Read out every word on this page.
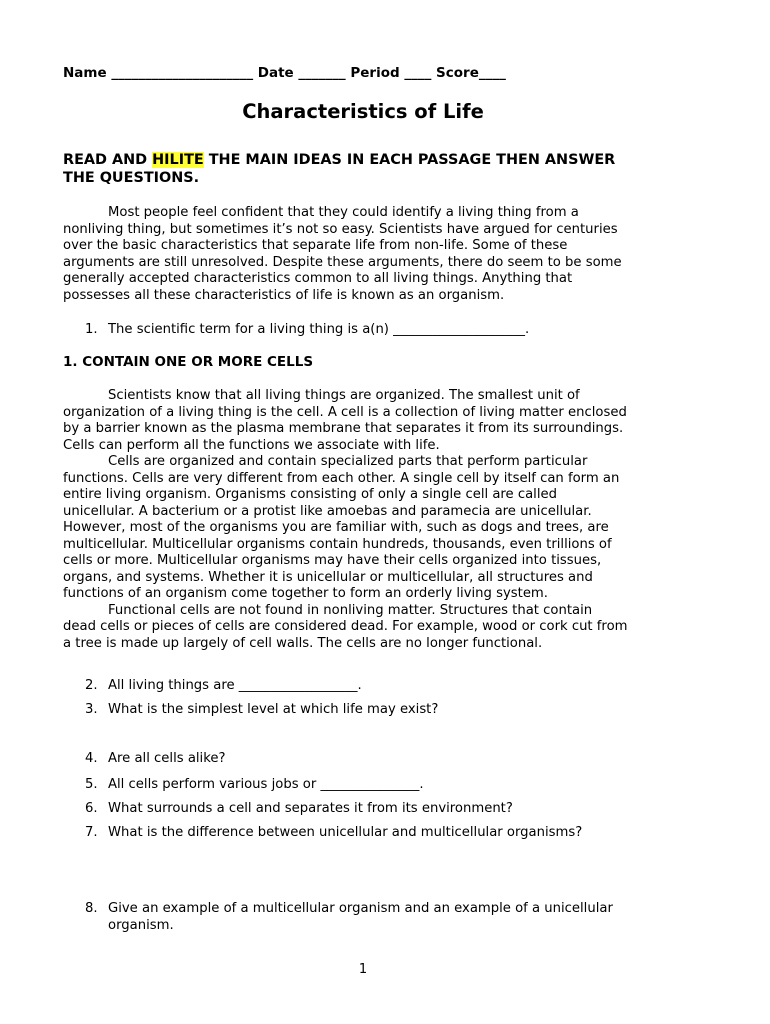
Name _____________________ Date _______ Period ____ Score____
Characteristics of Life
READ AND HILITE THE MAIN IDEAS IN EACH PASSAGE THEN ANSWER
THE QUESTIONS.
Most people feel confident that they could identify a living thing from a
nonliving thing, but sometimes it’s not so easy. Scientists have argued for centuries
over the basic characteristics that separate life from non-life. Some of these
arguments are still unresolved. Despite these arguments, there do seem to be some
generally accepted characteristics common to all living things. Anything that
possesses all these characteristics of life is known as an organism.
1. The scientific term for a living thing is a(n) ____________________.
1. CONTAIN ONE OR MORE CELLS
Scientists know that all living things are organized. The smallest unit of
organization of a living thing is the cell. A cell is a collection of living matter enclosed
by a barrier known as the plasma membrane that separates it from its surroundings.
Cells can perform all the functions we associate with life.
Cells are organized and contain specialized parts that perform particular
functions. Cells are very different from each other. A single cell by itself can form an
entire living organism. Organisms consisting of only a single cell are called
unicellular. A bacterium or a protist like amoebas and paramecia are unicellular.
However, most of the organisms you are familiar with, such as dogs and trees, are
multicellular. Multicellular organisms contain hundreds, thousands, even trillions of
cells or more. Multicellular organisms may have their cells organized into tissues,
organs, and systems. Whether it is unicellular or multicellular, all structures and
functions of an organism come together to form an orderly living system.
Functional cells are not found in nonliving matter. Structures that contain
dead cells or pieces of cells are considered dead. For example, wood or cork cut from
a tree is made up largely of cell walls. The cells are no longer functional.
2. All living things are __________________.
3. What is the simplest level at which life may exist?
4. Are all cells alike?
5. All cells perform various jobs or _______________.
6. What surrounds a cell and separates it from its environment?
7. What is the difference between unicellular and multicellular organisms?
8. Give an example of a multicellular organism and an example of a unicellular
organism.
1
